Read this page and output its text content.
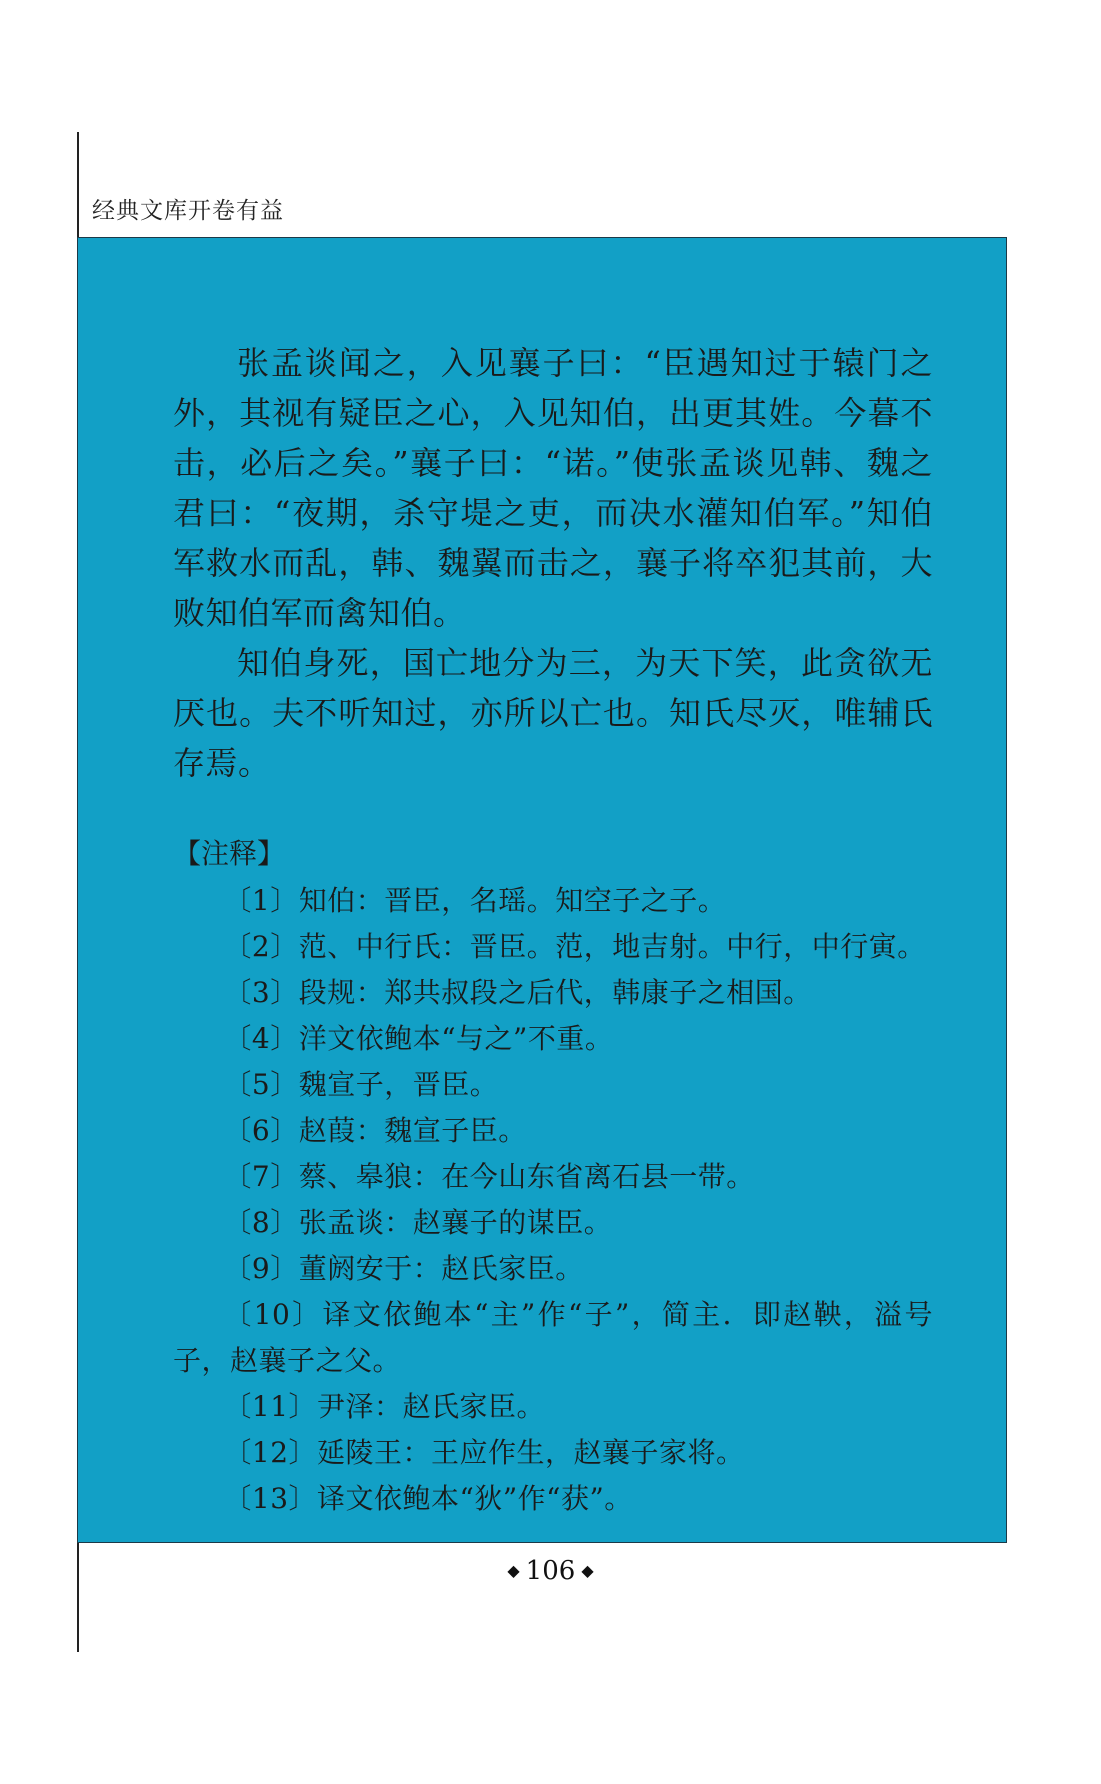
经典文库开卷有益

张孟谈闻之，入见襄子曰：“臣遇知过于辕门之外，其视有疑臣之心，入见知伯，出更其姓。今暮不击，必后之矣。”襄子曰：“诺。”使张孟谈见韩、魏之君曰：“夜期，杀守堤之吏，而决水灌知伯军。”知伯军救水而乱，韩、魏翼而击之，襄子将卒犯其前，大败知伯军而禽知伯。

知伯身死，国亡地分为三，为天下笑，此贪欲无厌也。夫不听知过，亦所以亡也。知氏尽灭，唯辅氏存焉。

【注释】

〔1〕知伯：晋臣，名瑶。知空子之子。

〔2〕范、中行氏：晋臣。范，地吉射。中行，中行寅。

〔3〕段规：郑共叔段之后代，韩康子之相国。

〔4〕洋文依鲍本“与之”不重。

〔5〕魏宣子，晋臣。

〔6〕赵葭：魏宣子臣。

〔7〕蔡、皋狼：在今山东省离石县一带。

〔8〕张孟谈：赵襄子的谋臣。

〔9〕董阏安于：赵氏家臣。

〔10〕译文依鲍本“主”作“子”，简主．即赵鞅，溢号子，赵襄子之父。

〔11〕尹泽：赵氏家臣。

〔12〕延陵王：王应作生，赵襄子家将。

〔13〕译文依鲍本“狄”作“获”。

◆ 106 ◆
